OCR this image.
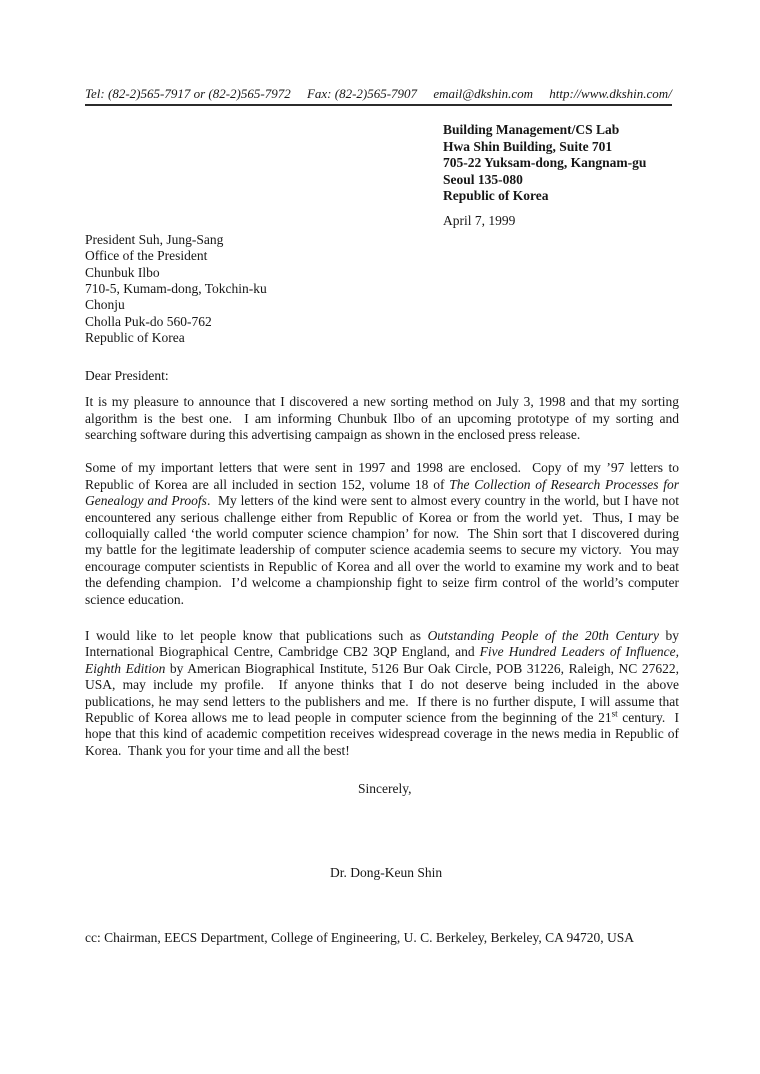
Tel: (82-2)565-7917 or (82-2)565-7972 Fax: (82-2)565-7907 email@dkshin.com http://www.dkshin.com/
Building Management/CS Lab
Hwa Shin Building, Suite 701
705-22 Yuksam-dong, Kangnam-gu
Seoul 135-080
Republic of Korea
April 7, 1999
President Suh, Jung-Sang
Office of the President
Chunbuk Ilbo
710-5, Kumam-dong, Tokchin-ku
Chonju
Cholla Puk-do 560-762
Republic of Korea
Dear President:

It is my pleasure to announce that I discovered a new sorting method on July 3, 1998 and that my sorting algorithm is the best one.  I am informing Chunbuk Ilbo of an upcoming prototype of my sorting and searching software during this advertising campaign as shown in the enclosed press release.

Some of my important letters that were sent in 1997 and 1998 are enclosed.  Copy of my ’97 letters to Republic of Korea are all included in section 152, volume 18 of The Collection of Research Processes for Genealogy and Proofs.  My letters of the kind were sent to almost every country in the world, but I have not encountered any serious challenge either from Republic of Korea or from the world yet.  Thus, I may be colloquially called ‘the world computer science champion’ for now.  The Shin sort that I discovered during my battle for the legitimate leadership of computer science academia seems to secure my victory.  You may encourage computer scientists in Republic of Korea and all over the world to examine my work and to beat the defending champion.  I’d welcome a championship fight to seize firm control of the world’s computer science education.

I would like to let people know that publications such as Outstanding People of the 20th Century by International Biographical Centre, Cambridge CB2 3QP England, and Five Hundred Leaders of Influence, Eighth Edition by American Biographical Institute, 5126 Bur Oak Circle, POB 31226, Raleigh, NC 27622, USA, may include my profile.  If anyone thinks that I do not deserve being included in the above publications, he may send letters to the publishers and me.  If there is no further dispute, I will assume that Republic of Korea allows me to lead people in computer science from the beginning of the 21st century.  I hope that this kind of academic competition receives widespread coverage in the news media in Republic of Korea.  Thank you for your time and all the best!

Sincerely,
Dr. Dong-Keun Shin
cc: Chairman, EECS Department, College of Engineering, U. C. Berkeley, Berkeley, CA 94720, USA
